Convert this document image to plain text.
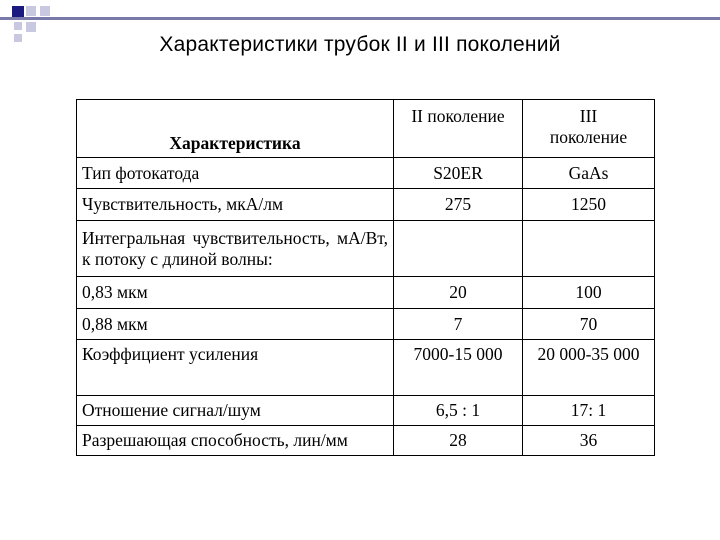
Характеристики трубок II и III поколений
Характеристика	II поколение	III поколение
Тип фотокатода	S20ER	GaAs
Чувствительность, мкА/лм	275	1250
Интегральная чувствительность, мА/Вт, к потоку с длиной волны:		
0,83 мкм	20	100
0,88 мкм	7	70
Коэффициент усиления	7000-15 000	20 000-35 000
Отношение сигнал/шум	6,5 : 1	17: 1
Разрешающая способность, лин/мм	28	36
